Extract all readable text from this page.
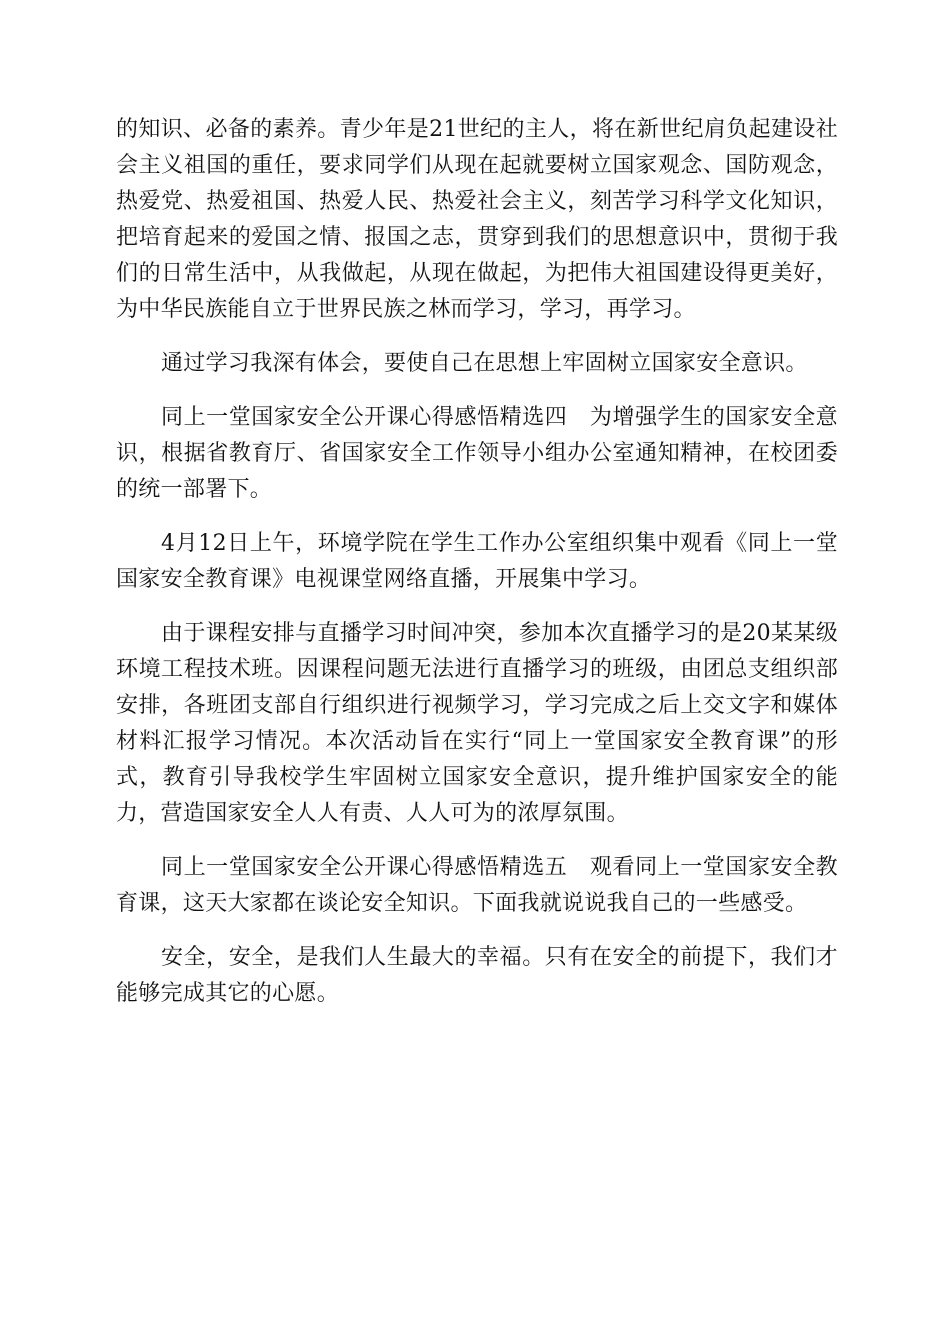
的知识、必备的素养。青少年是21世纪的主人，将在新世纪肩负起建设社会主义祖国的重任，要求同学们从现在起就要树立国家观念、国防观念，热爱党、热爱祖国、热爱人民、热爱社会主义，刻苦学习科学文化知识，把培育起来的爱国之情、报国之志，贯穿到我们的思想意识中，贯彻于我们的日常生活中，从我做起，从现在做起，为把伟大祖国建设得更美好，为中华民族能自立于世界民族之林而学习，学习，再学习。

通过学习我深有体会，要使自己在思想上牢固树立国家安全意识。

同上一堂国家安全公开课心得感悟精选四　为增强学生的国家安全意识，根据省教育厅、省国家安全工作领导小组办公室通知精神，在校团委的统一部署下。

4月12日上午，环境学院在学生工作办公室组织集中观看《同上一堂国家安全教育课》电视课堂网络直播，开展集中学习。

由于课程安排与直播学习时间冲突，参加本次直播学习的是20某某级环境工程技术班。因课程问题无法进行直播学习的班级，由团总支组织部安排，各班团支部自行组织进行视频学习，学习完成之后上交文字和媒体材料汇报学习情况。本次活动旨在实行“同上一堂国家安全教育课”的形式，教育引导我校学生牢固树立国家安全意识，提升维护国家安全的能力，营造国家安全人人有责、人人可为的浓厚氛围。

同上一堂国家安全公开课心得感悟精选五　观看同上一堂国家安全教育课，这天大家都在谈论安全知识。下面我就说说我自己的一些感受。

安全，安全，是我们人生最大的幸福。只有在安全的前提下，我们才能够完成其它的心愿。
